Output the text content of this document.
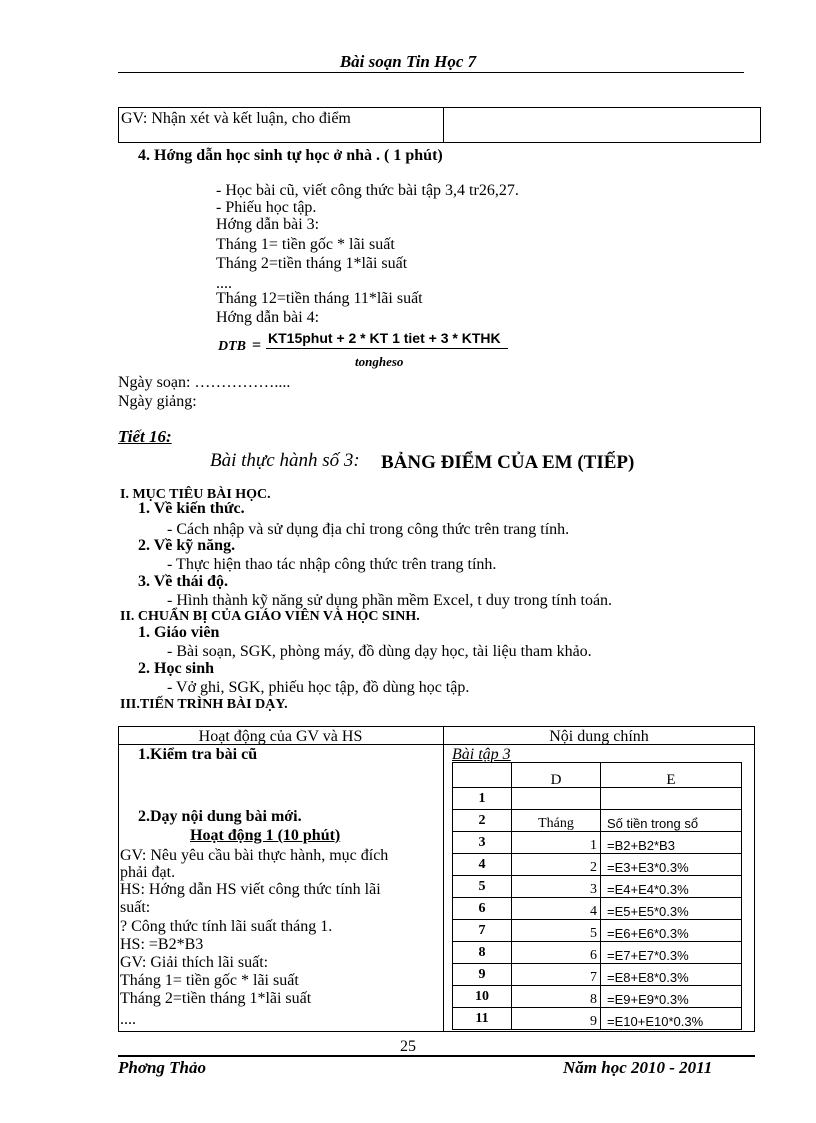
Bài soạn Tin Học 7
GV: Nhận xét và kết luận, cho điểm
4. Hớng dẫn học sinh tự học ở nhà . ( 1 phút)
- Học bài cũ, viết công thức bài tập 3,4 tr26,27.
- Phiếu học tập.
Hớng dẫn bài 3:
Tháng 1= tiền gốc * lãi suất
Tháng 2=tiền tháng 1*lãi suất
....
Tháng 12=tiền tháng 11*lãi suất
Hớng dẫn bài 4:
DTB = KT15phut + 2 * KT 1 tiet + 3 * KTHK
tongheso
Ngày soạn: ……………....
Ngày giảng:
Tiết 16:
Bài thực hành số 3: BẢNG ĐIỂM CỦA EM (TIẾP)
I. MỤC TIÊU BÀI HỌC.
1. Về kiến thức.
- Cách nhập và sử dụng địa chỉ trong công thức trên trang tính.
2. Về kỹ năng.
- Thực hiện thao tác nhập công thức trên trang tính.
3. Về thái độ.
- Hình thành kỹ năng sử dụng phần mềm Excel, t duy trong tính toán.
II. CHUẨN BỊ CỦA GIÁO VIÊN VÀ HỌC SINH.
1. Giáo viên
- Bài soạn, SGK, phòng máy, đồ dùng dạy học, tài liệu tham khảo.
2. Học sinh
- Vở ghi, SGK, phiếu học tập, đồ dùng học tập.
III.TIẾN TRÌNH BÀI DẠY.
Hoạt động của GV và HS	Nội dung chính
1.Kiểm tra bài cũ
2.Dạy nội dung bài mới.
Hoạt động 1 (10 phút)
GV: Nêu yêu cầu bài thực hành, mục đích
phải đạt.
HS: Hớng dẫn HS viết công thức tính lãi
suất:
? Công thức tính lãi suất tháng 1.
HS: =B2*B3
GV: Giải thích lãi suất:
Tháng 1= tiền gốc * lãi suất
Tháng 2=tiền tháng 1*lãi suất
....
Bài tập 3
D	E
1
2	Tháng	Số tiền trong sổ
3	1 =B2+B2*B3
4	2 =E3+E3*0.3%
5	3 =E4+E4*0.3%
6	4 =E5+E5*0.3%
7	5 =E6+E6*0.3%
8	6 =E7+E7*0.3%
9	7 =E8+E8*0.3%
10	8 =E9+E9*0.3%
11	9 =E10+E10*0.3%
25
Phơng Thảo	Năm học 2010 - 2011
